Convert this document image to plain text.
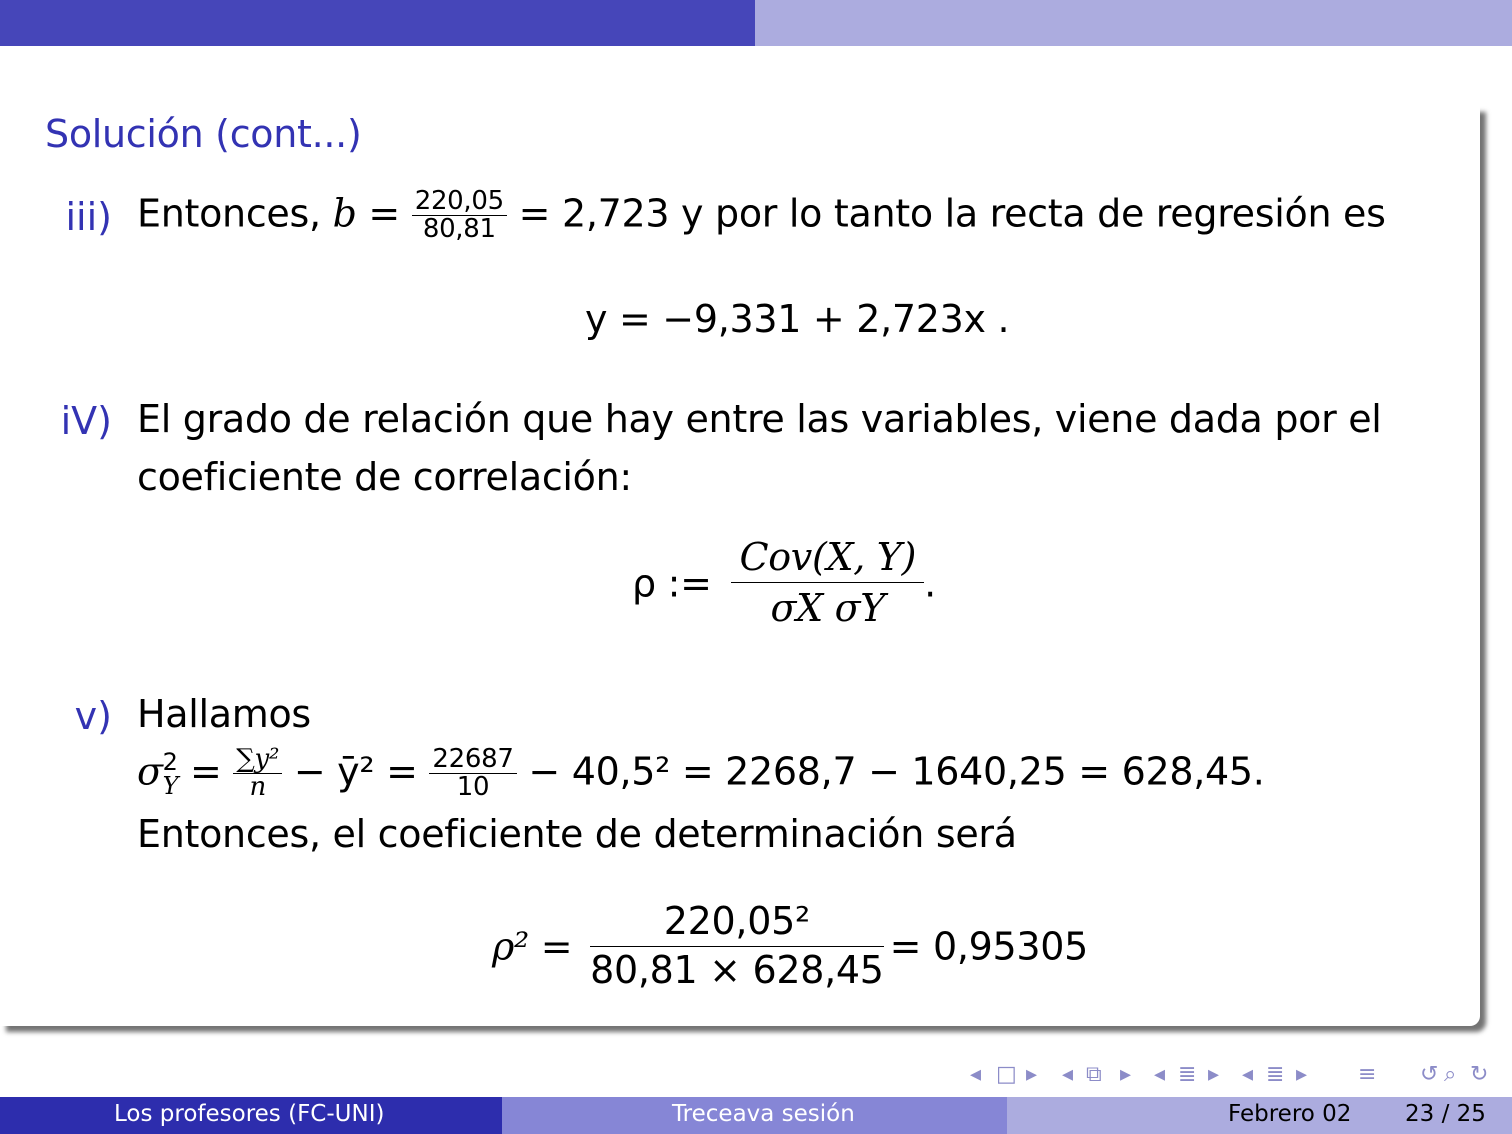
Solución (cont...)
iii) Entonces, $b = \frac{220,05}{80,81} = 2,723$ y por lo tanto la recta de regresión es
y = −9,331 + 2,723x .
iV) El grado de relación que hay entre las variables, viene dada por el
coeficiente de correlación:
ρ := $\frac{\text{Cov(X, Y)}}{\text{σX σY}}$ .
v) Hallamos
σ 2
$Y = \frac{\text{∑y²}}{n}$ − ȳ² = $\frac{22687}{10} - 40,5^2 = 2268,7 - 1640,25 = 628,45$.
Entonces, el coeficiente de determinación será
$\rho^2 = \frac{\text{220,05²}}{80,81 \times 628,45} = 0,95305$
◂ □ ▸ ◂ ⧉ ▸ ◂ ≣ ▸ ◂ ≣ ▸ ≡ ↺ ⌕ ↻
Los profesores (FC-UNI)	Treceava sesión	Febrero 02 23 / 25
